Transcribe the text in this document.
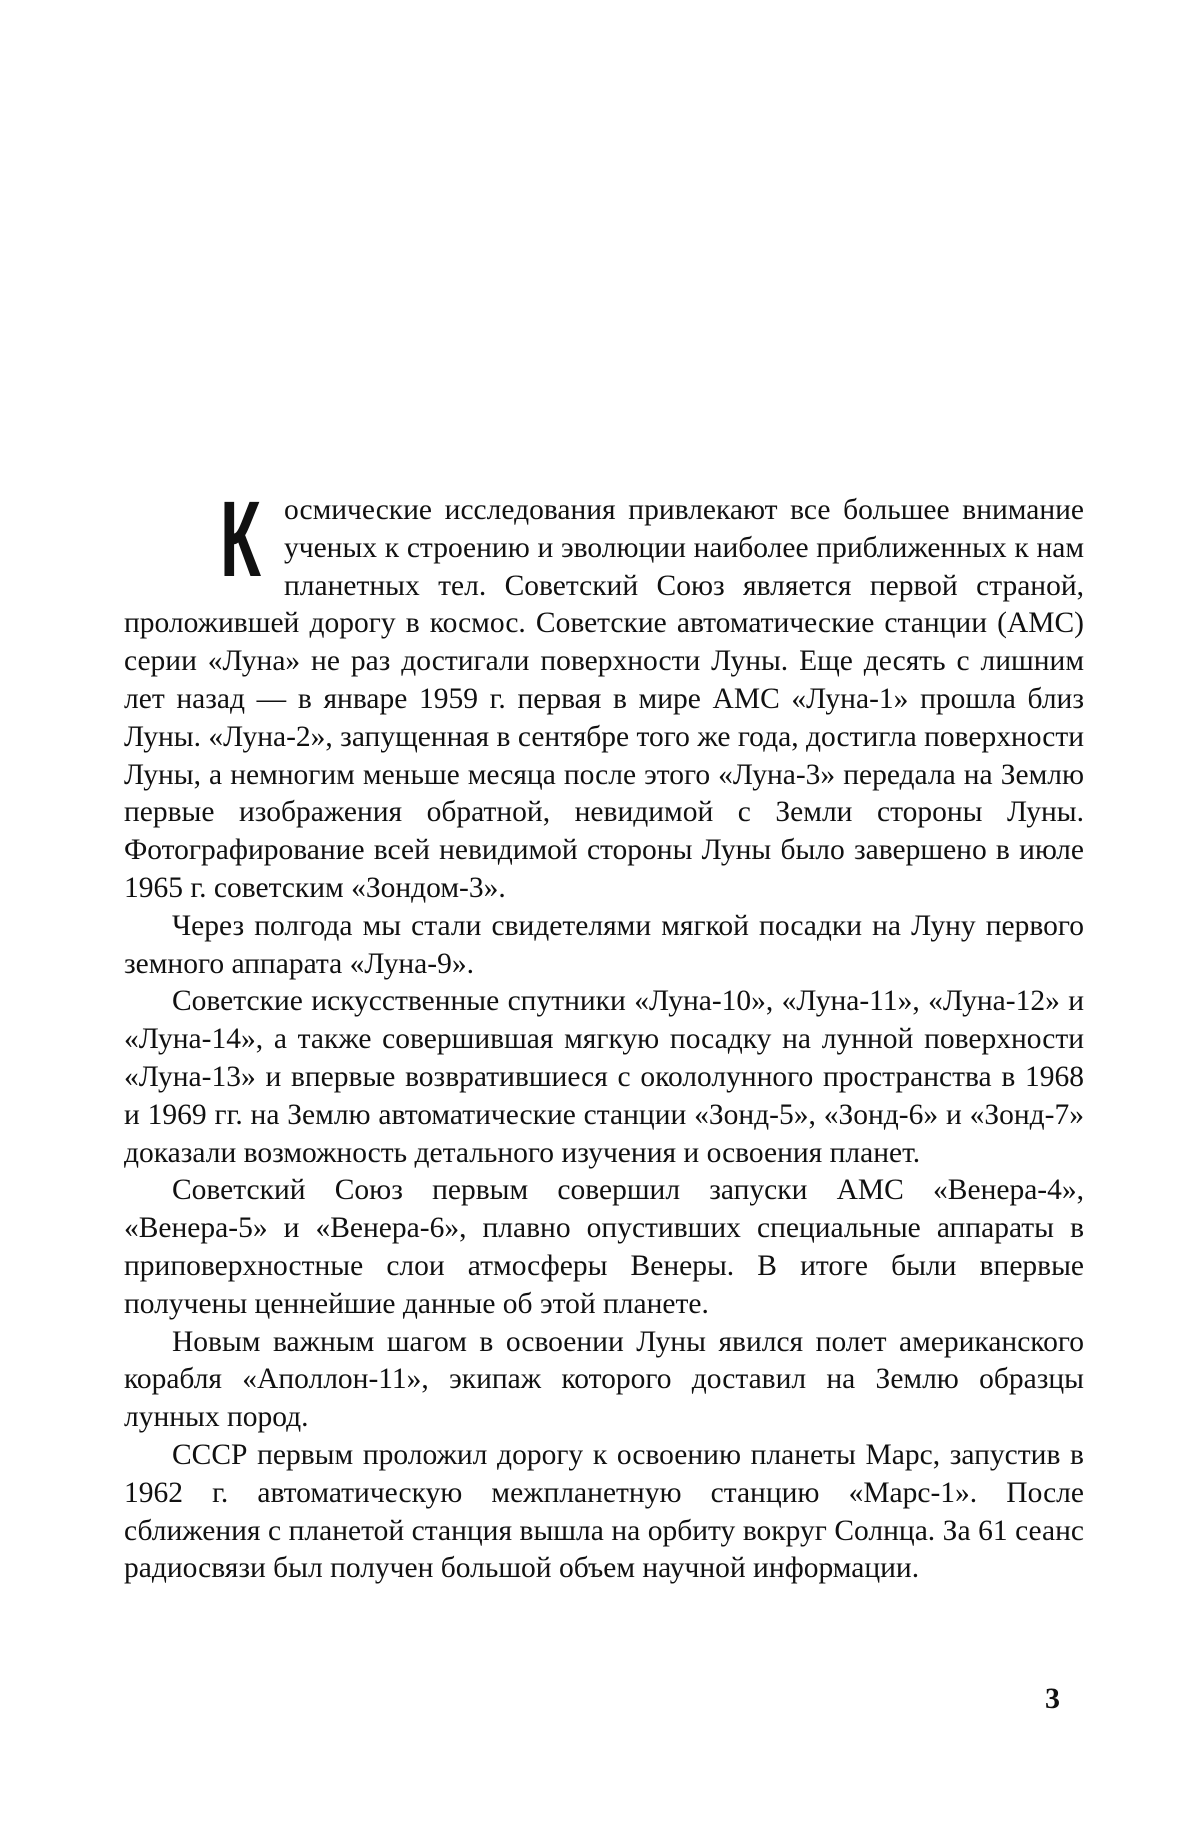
Космические исследования привлекают все большее внимание ученых к строению и эволюции наиболее приближенных к нам планетных тел. Советский Союз является первой страной, проложившей дорогу в космос. Советские автоматические станции (АМС) серии «Луна» не раз достигали поверхности Луны. Еще десять с лишним лет назад — в январе 1959 г. первая в мире АМС «Луна-1» прошла близ Луны. «Луна-2», запущенная в сентябре того же года, достигла поверхности Луны, а немногим меньше месяца после этого «Луна-3» передала на Землю первые изображения обратной, невидимой с Земли стороны Луны. Фотографирование всей невидимой стороны Луны было завершено в июле 1965 г. советским «Зондом-3».

Через полгода мы стали свидетелями мягкой посадки на Луну первого земного аппарата «Луна-9».

Советские искусственные спутники «Луна-10», «Луна-11», «Луна-12» и «Луна-14», а также совершившая мягкую посадку на лунной поверхности «Луна-13» и впервые возвратившиеся с окололунного пространства в 1968 и 1969 гг. на Землю автоматические станции «Зонд-5», «Зонд-6» и «Зонд-7» доказали возможность детального изучения и освоения планет.

Советский Союз первым совершил запуски АМС «Венера-4», «Венера-5» и «Венера-6», плавно опустивших специальные аппараты в приповерхностные слои атмосферы Венеры. В итоге были впервые получены ценнейшие данные об этой планете.

Новым важным шагом в освоении Луны явился полет американского корабля «Аполлон-11», экипаж которого доставил на Землю образцы лунных пород.

СССР первым проложил дорогу к освоению планеты Марс, запустив в 1962 г. автоматическую межпланетную станцию «Марс-1». После сближения с планетой станция вышла на орбиту вокруг Солнца. За 61 сеанс радиосвязи был получен большой объем научной информации.

3
